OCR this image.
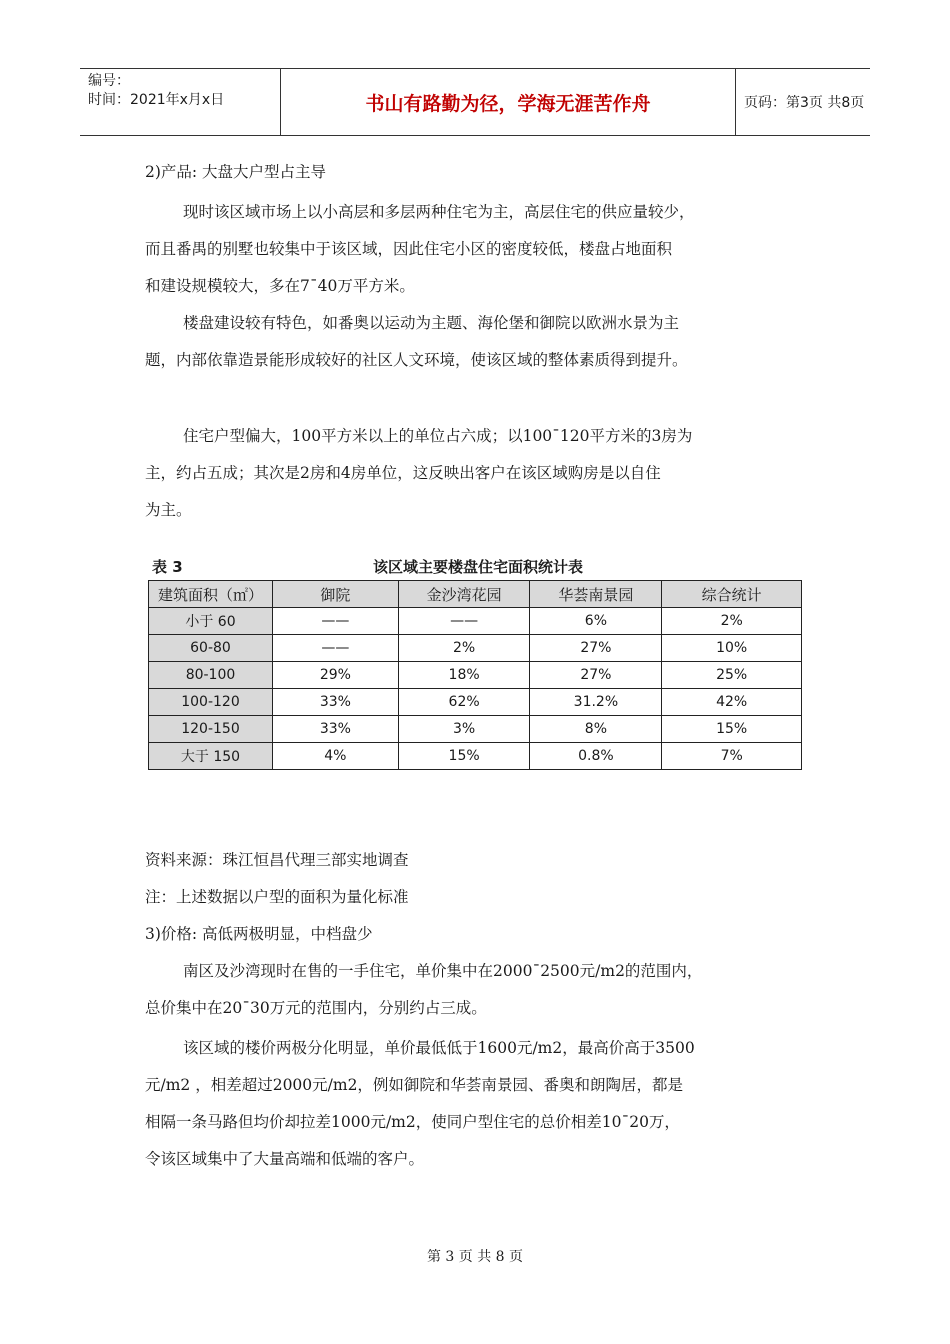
编号：
时间：2021年x月x日	书山有路勤为径，学海无涯苦作舟	页码：第3页 共8页
2)产品: 大盘大户型占主导
现时该区域市场上以小高层和多层两种住宅为主，高层住宅的供应量较少，
而且番禺的别墅也较集中于该区域，因此住宅小区的密度较低，楼盘占地面积
和建设规模较大，多在7¯40万平方米。
楼盘建设较有特色，如番奥以运动为主题、海伦堡和御院以欧洲水景为主
题，内部依靠造景能形成较好的社区人文环境，使该区域的整体素质得到提升。
住宅户型偏大，100平方米以上的单位占六成；以100¯120平方米的3房为
主，约占五成；其次是2房和4房单位，这反映出客户在该区域购房是以自住
为主。
表 3	该区域主要楼盘住宅面积统计表
建筑面积（㎡）	御院	金沙湾花园	华荟南景园	综合统计
小于 60	——	——	6%	2%
60-80	——	2%	27%	10%
80-100	29%	18%	27%	25%
100-120	33%	62%	31.2%	42%
120-150	33%	3%	8%	15%
大于 150	4%	15%	0.8%	7%
资料来源：珠江恒昌代理三部实地调查
注：上述数据以户型的面积为量化标准
3)价格: 高低两极明显，中档盘少
南区及沙湾现时在售的一手住宅，单价集中在2000¯2500元/m2的范围内，
总价集中在20¯30万元的范围内，分别约占三成。
该区域的楼价两极分化明显，单价最低低于1600元/m2，最高价高于3500
元/m2 ，相差超过2000元/m2，例如御院和华荟南景园、番奥和朗陶居，都是
相隔一条马路但均价却拉差1000元/m2，使同户型住宅的总价相差10¯20万，
令该区域集中了大量高端和低端的客户。
第 3 页 共 8 页
